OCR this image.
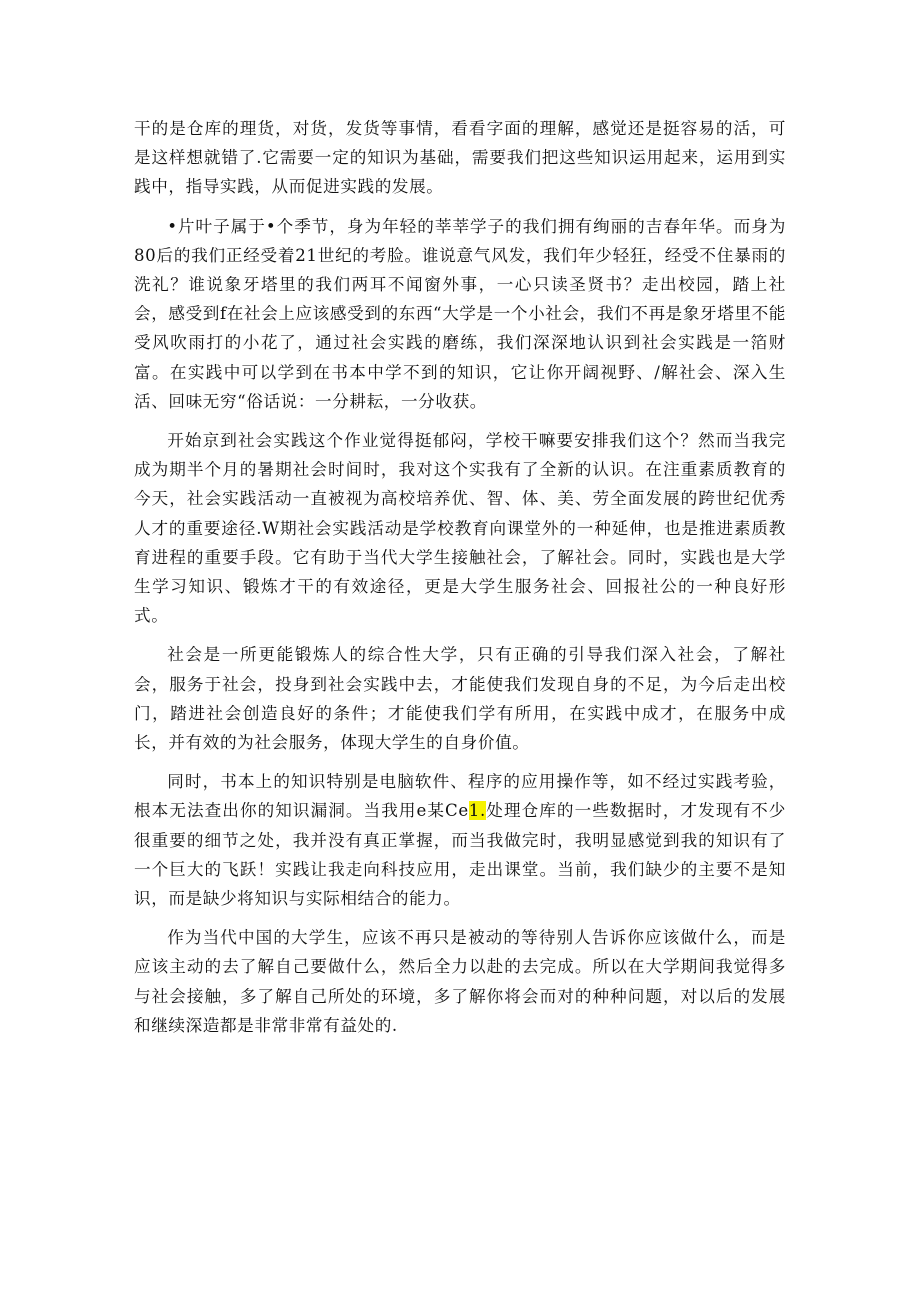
干的是仓库的理货，对货，发货等事情，看看字面的理解，感觉还是挺容易的活，可是这样想就错了.它需要一定的知识为基础，需要我们把这些知识运用起来，运用到实践中，指导实践，从而促进实践的发展。

•片叶子属于•个季节，身为年轻的莘莘学子的我们拥有绚丽的吉春年华。而身为80后的我们正经受着21世纪的考脸。谁说意气风发，我们年少轻狂，经受不住暴雨的洗礼？谁说象牙塔里的我们两耳不闻窗外事，一心只读圣贤书？走出校园，踏上社会，感受到f在社会上应该感受到的东西“大学是一个小社会，我们不再是象牙塔里不能受风吹雨打的小花了，通过社会实践的磨练，我们深深地认识到社会实践是一箔财富。在实践中可以学到在书本中学不到的知识，它让你开阔视野、/解社会、深入生活、回味无穷“俗话说：一分耕耘，一分收获。

开始京到社会实践这个作业觉得挺郁闷，学校干嘛要安排我们这个？然而当我完成为期半个月的暑期社会时间时，我对这个实我有了全新的认识。在注重素质教育的今天，社会实践活动一直被视为高校培养优、智、体、美、劳全面发展的跨世纪优秀人才的重要途径.W期社会实践活动是学校教育向课堂外的一种延伸，也是推进素质教育进程的重要手段。它有助于当代大学生接触社会，了解社会。同时，实践也是大学生学习知识、锻炼才干的有效途径，更是大学生服务社会、回报社公的一种良好形式。

社会是一所更能锻炼人的综合性大学，只有正确的引导我们深入社会，了解社会，服务于社会，投身到社会实践中去，才能使我们发现自身的不足，为今后走出校门，踏进社会创造良好的条件；才能使我们学有所用，在实践中成才，在服务中成长，并有效的为社会服务，体现大学生的自身价值。

同时，书本上的知识特别是电脑软件、程序的应用操作等，如不经过实践考验，根本无法查出你的知识漏洞。当我用e某Ce1.处理仓库的一些数据时，才发现有不少很重要的细节之处，我并没有真正掌握，而当我做完时，我明显感觉到我的知识有了一个巨大的飞跃！实践让我走向科技应用，走出课堂。当前，我们缺少的主要不是知识，而是缺少将知识与实际相结合的能力。

作为当代中国的大学生，应该不再只是被动的等待别人告诉你应该做什么，而是应该主动的去了解自己要做什么，然后全力以赴的去完成。所以在大学期间我觉得多与社会接触，多了解自己所处的环境，多了解你将会而对的种种问题，对以后的发展和继续深造都是非常非常有益处的.
